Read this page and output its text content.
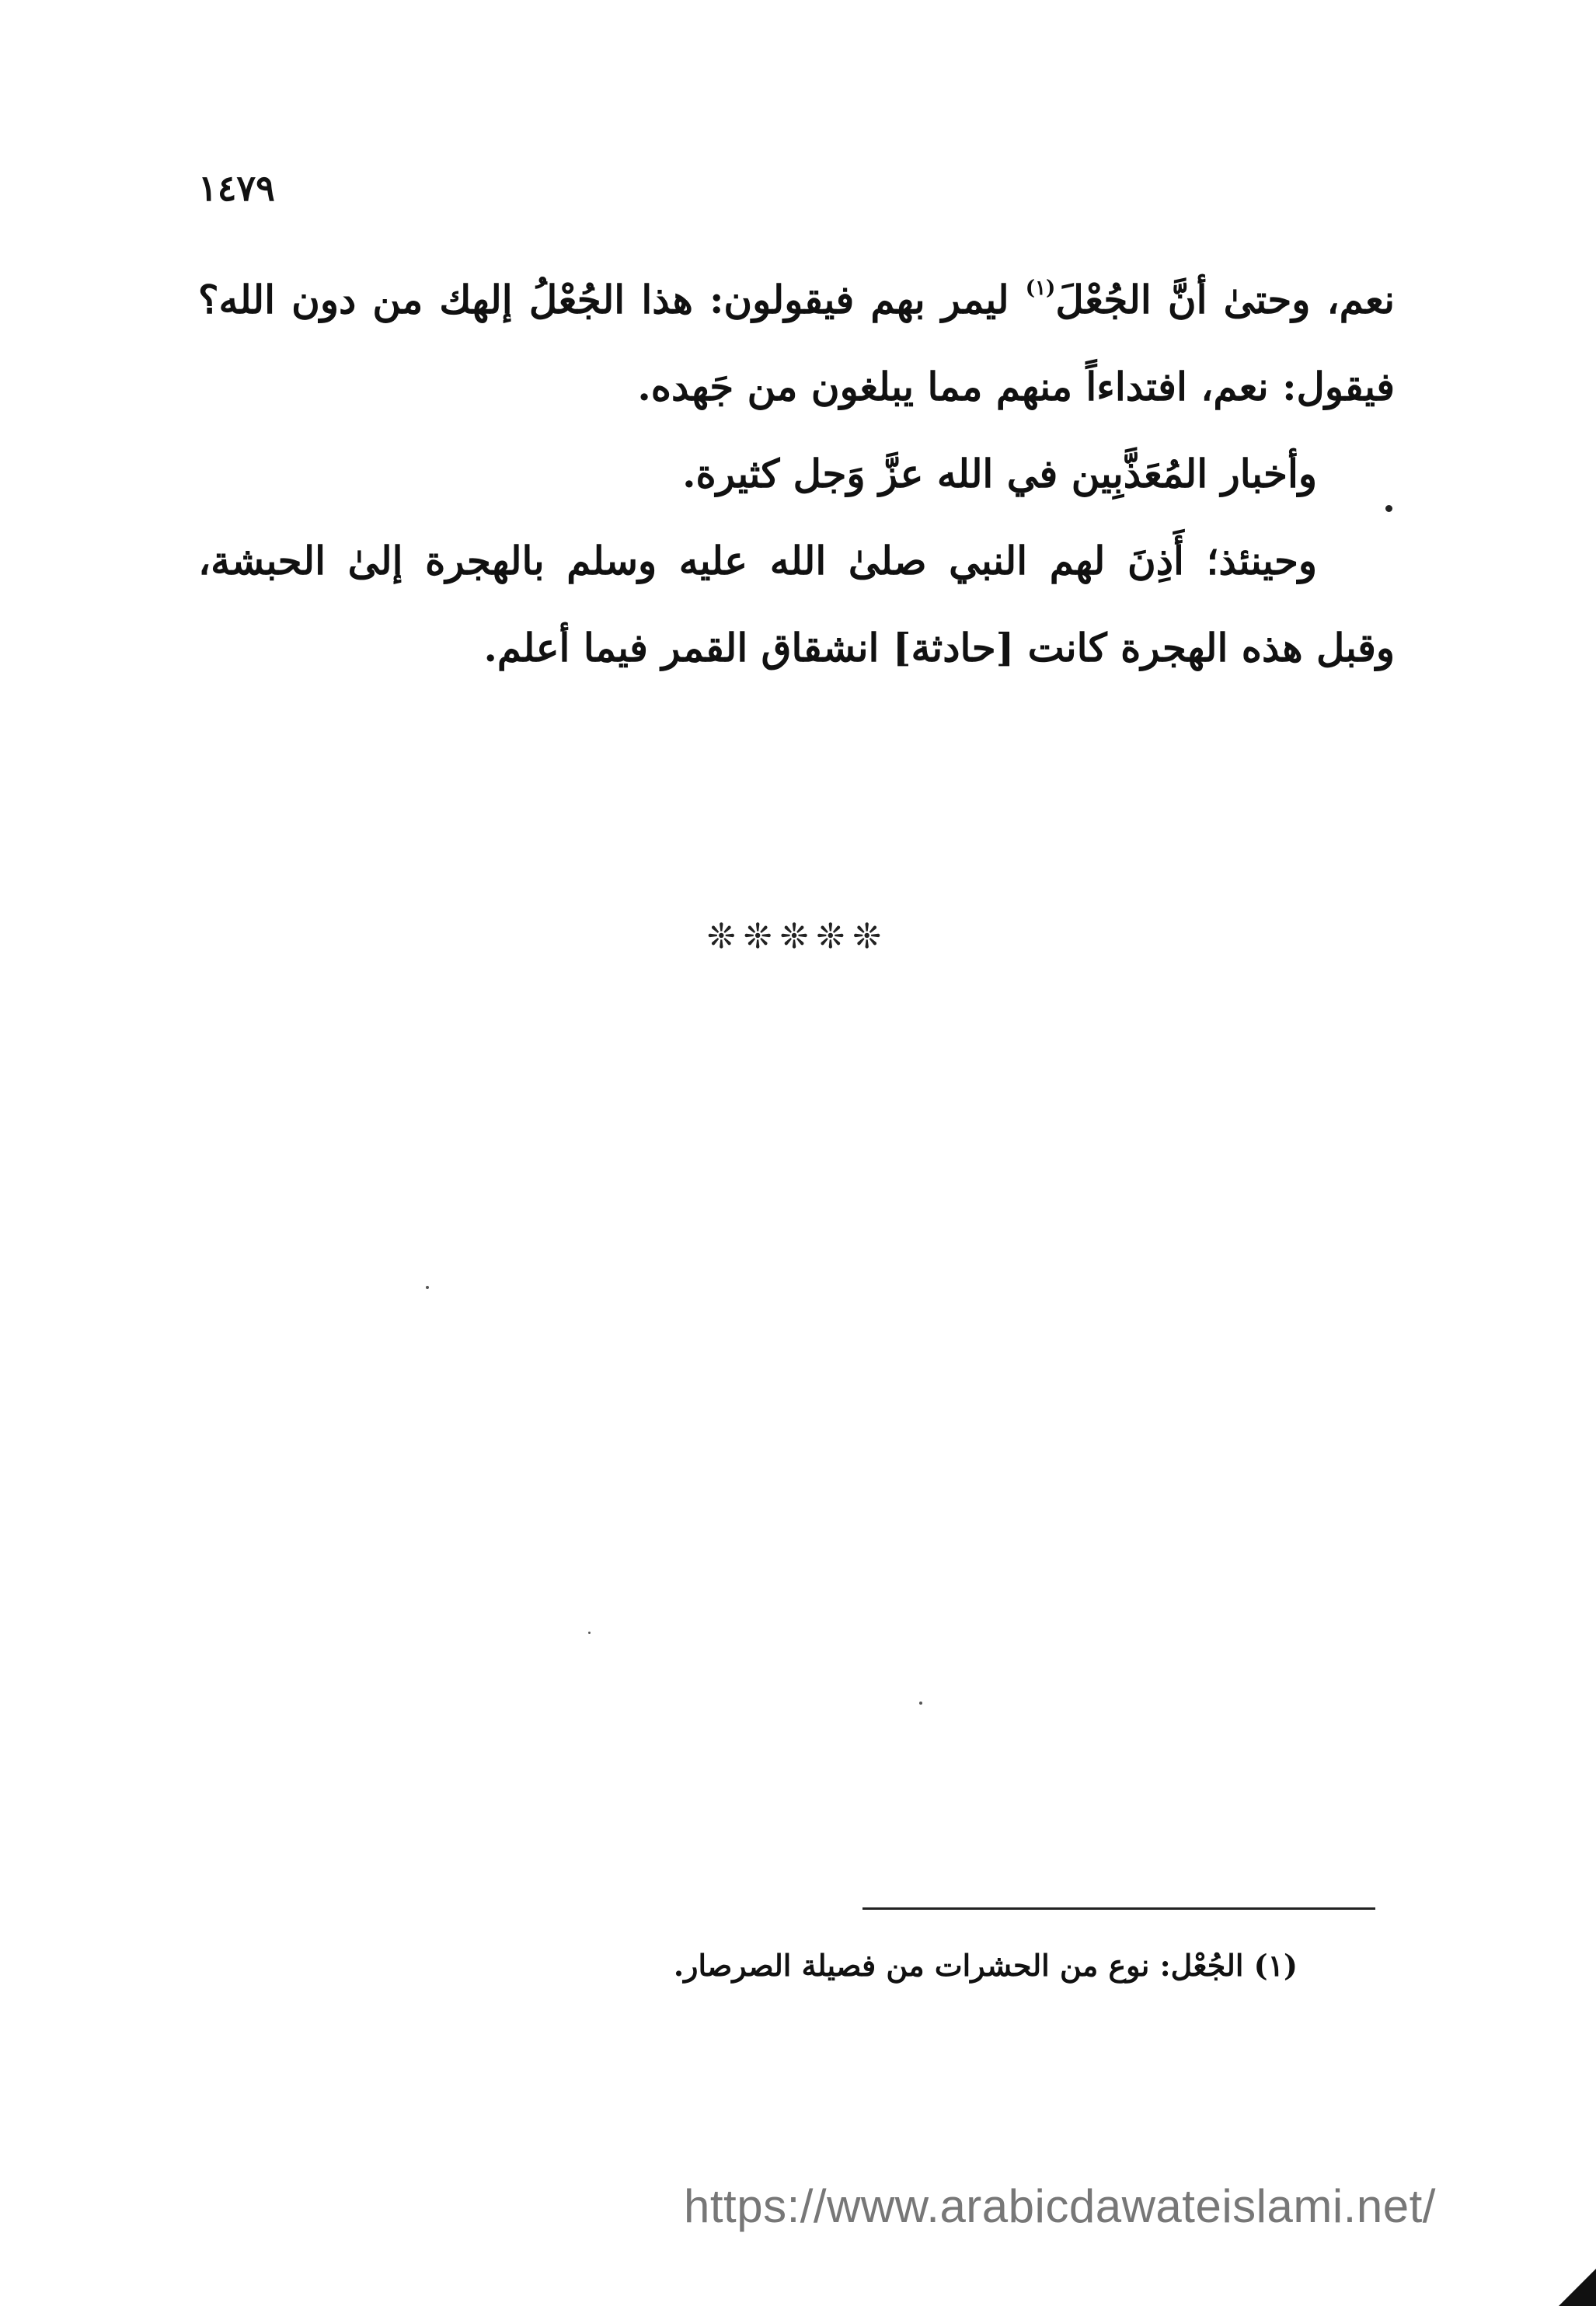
١٤٧٩

نعم، وحتىٰ أنَّ الجُعْلَ$^{(١)}$ ليمر بهم فيقولون: هذا الجُعْلُ إلهك من دون الله؟ فيقول: نعم، افتداءاً منهم مما يبلغون من جَهده.

وأخبار المُعَذَّبِين في الله عزَّ وَجل كثيرة.

وحينئذ؛ أَذِنَ لهم النبي صلىٰ الله عليه وسلم بالهجرة إلىٰ الحبشة، وقبل هذه الهجرة كانت [حادثة] انشقاق القمر فيما أعلم.

❊❊❊❊❊
(١) الجُعْل: نوع من الحشرات من فصيلة الصرصار.
https://www.arabicdawateislami.net/
